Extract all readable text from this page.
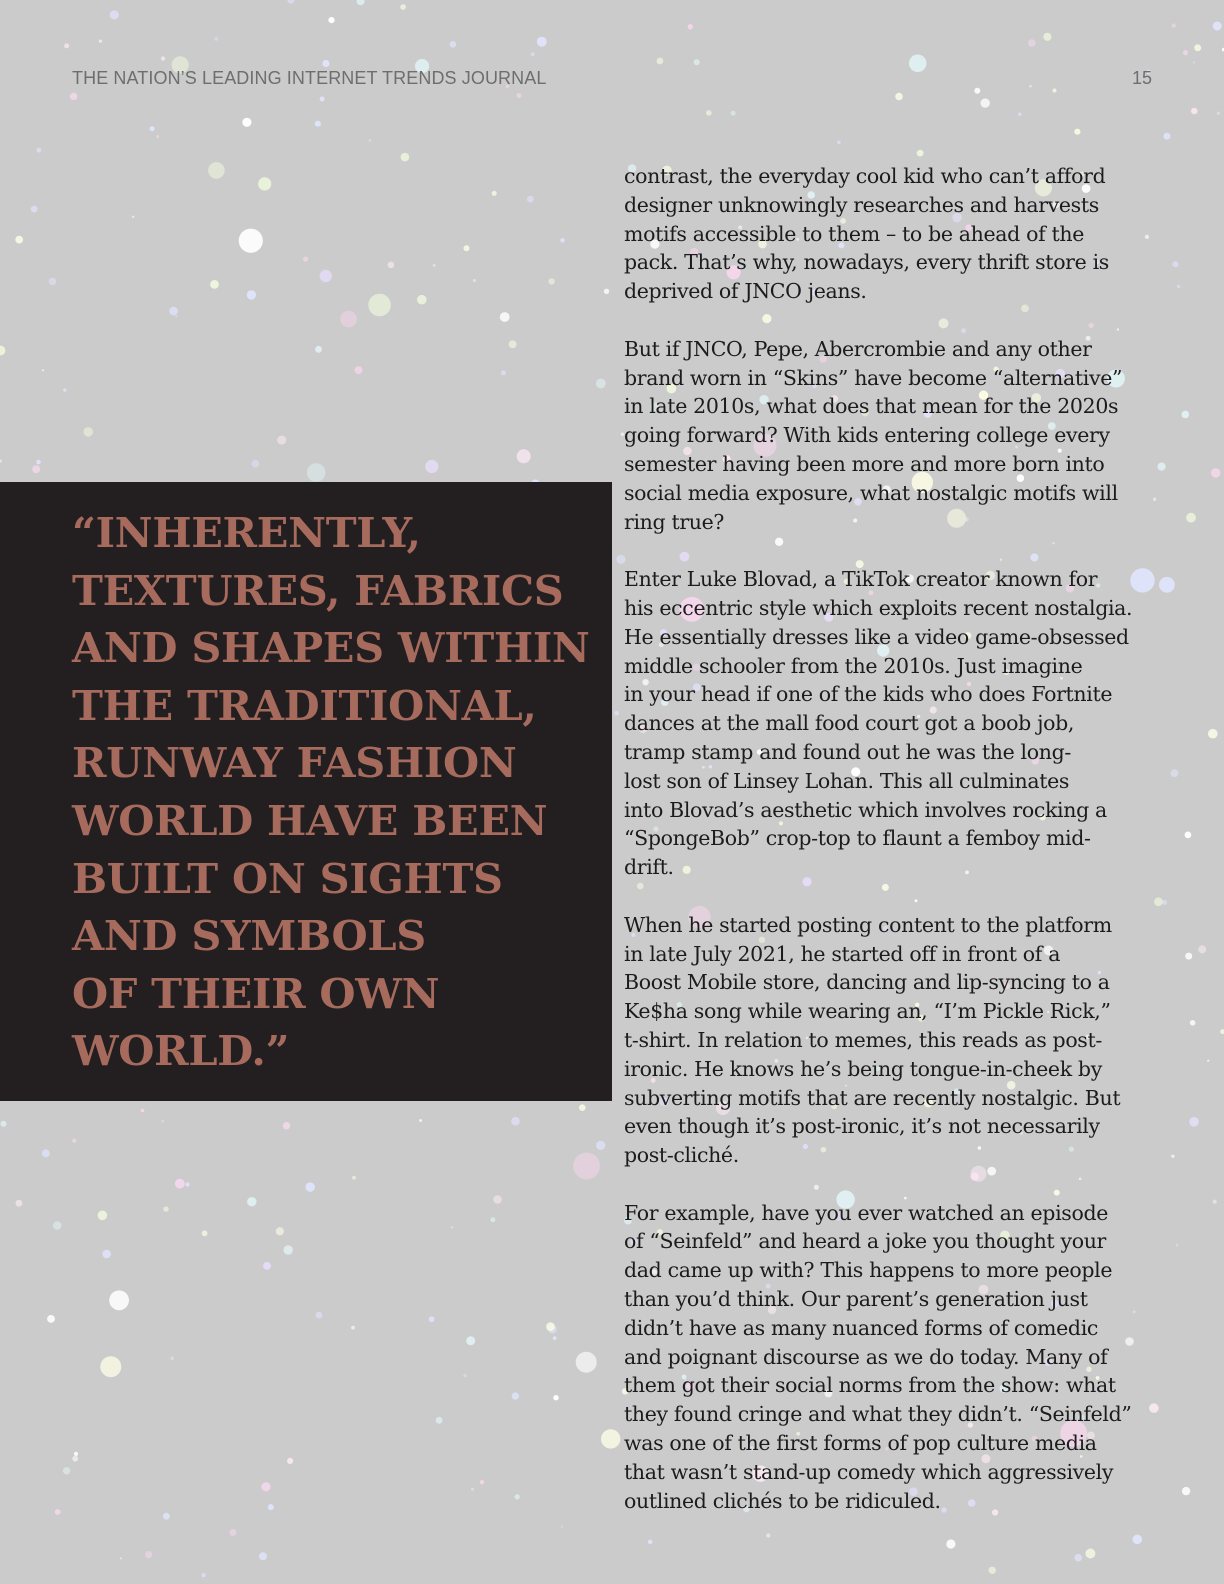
THE NATION’S LEADING INTERNET TRENDS JOURNAL	15

“INHERENTLY,
TEXTURES, FABRICS
AND SHAPES WITHIN
THE TRADITIONAL,
RUNWAY FASHION
WORLD HAVE BEEN
BUILT ON SIGHTS
AND SYMBOLS
OF THEIR OWN
WORLD.”

contrast, the everyday cool kid who can’t afford
designer unknowingly researches and harvests
motifs accessible to them – to be ahead of the
pack. That’s why, nowadays, every thrift store is
deprived of JNCO jeans.

But if JNCO, Pepe, Abercrombie and any other
brand worn in “Skins” have become “alternative”
in late 2010s, what does that mean for the 2020s
going forward? With kids entering college every
semester having been more and more born into
social media exposure, what nostalgic motifs will
ring true?

Enter Luke Blovad, a TikTok creator known for
his eccentric style which exploits recent nostalgia.
He essentially dresses like a video game-obsessed
middle schooler from the 2010s. Just imagine
in your head if one of the kids who does Fortnite
dances at the mall food court got a boob job,
tramp stamp and found out he was the long-
lost son of Linsey Lohan. This all culminates
into Blovad’s aesthetic which involves rocking a
“SpongeBob” crop-top to flaunt a femboy mid-
drift.

When he started posting content to the platform
in late July 2021, he started off in front of a
Boost Mobile store, dancing and lip-syncing to a
Ke$ha song while wearing an, “I’m Pickle Rick,”
t-shirt. In relation to memes, this reads as post-
ironic. He knows he’s being tongue-in-cheek by
subverting motifs that are recently nostalgic. But
even though it’s post-ironic, it’s not necessarily
post-cliché.

For example, have you ever watched an episode
of “Seinfeld” and heard a joke you thought your
dad came up with? This happens to more people
than you’d think. Our parent’s generation just
didn’t have as many nuanced forms of comedic
and poignant discourse as we do today. Many of
them got their social norms from the show: what
they found cringe and what they didn’t. “Seinfeld”
was one of the first forms of pop culture media
that wasn’t stand-up comedy which aggressively
outlined clichés to be ridiculed.
